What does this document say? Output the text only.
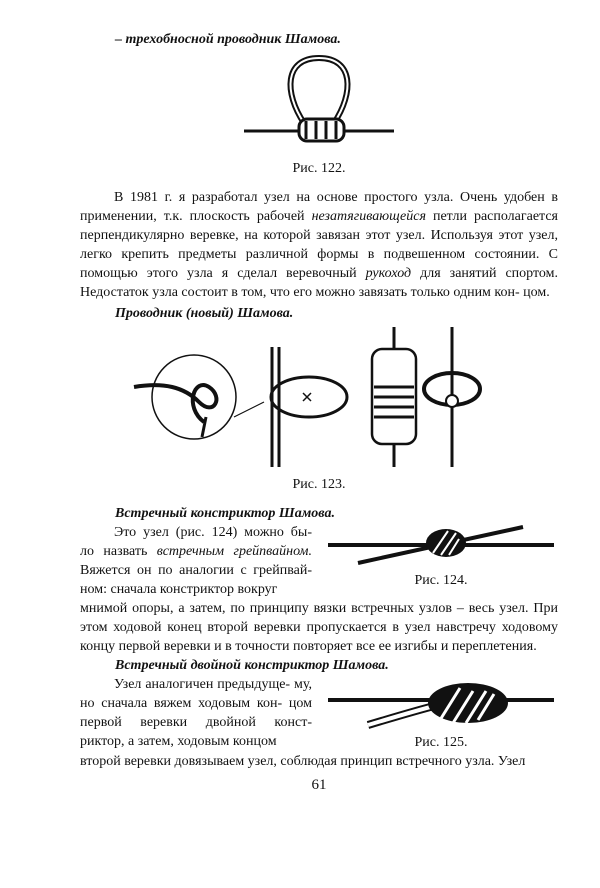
– трехобносной проводник Шамова.
Рис. 122.
В 1981 г. я разработал узел на основе простого узла. Очень удобен в применении, т.к. плоскость рабочей незатягивающейся петли располагается перпендикулярно веревке, на которой завязан этот узел. Используя этот узел, легко крепить предметы различной формы в подвешенном состоянии. С помощью этого узла я сделал веревочный рукоход для занятий спортом. Недостаток узла состоит в том, что его можно завязать только одним кон- цом.
Проводник (новый) Шамова.
Рис. 123.
Встречный констриктор Шамова.
Это узел (рис. 124) можно бы- ло назвать встречным грейпвайном. Вяжется он по аналогии с грейпвай- ном: сначала констриктор вокруг
Рис. 124.
мнимой опоры, а затем, по принципу вязки встречных узлов – весь узел. При этом ходовой конец второй веревки пропускается в узел навстречу ходовому концу первой веревки и в точности повторяет все ее изгибы и переплетения.
Встречный двойной констриктор Шамова.
Узел аналогичен предыдуще- му, но сначала вяжем ходовым кон- цом первой веревки двойной конст- риктор, а затем, ходовым концом	Рис. 125.
второй веревки довязываем узел, соблюдая принцип встречного узла. Узел
61
